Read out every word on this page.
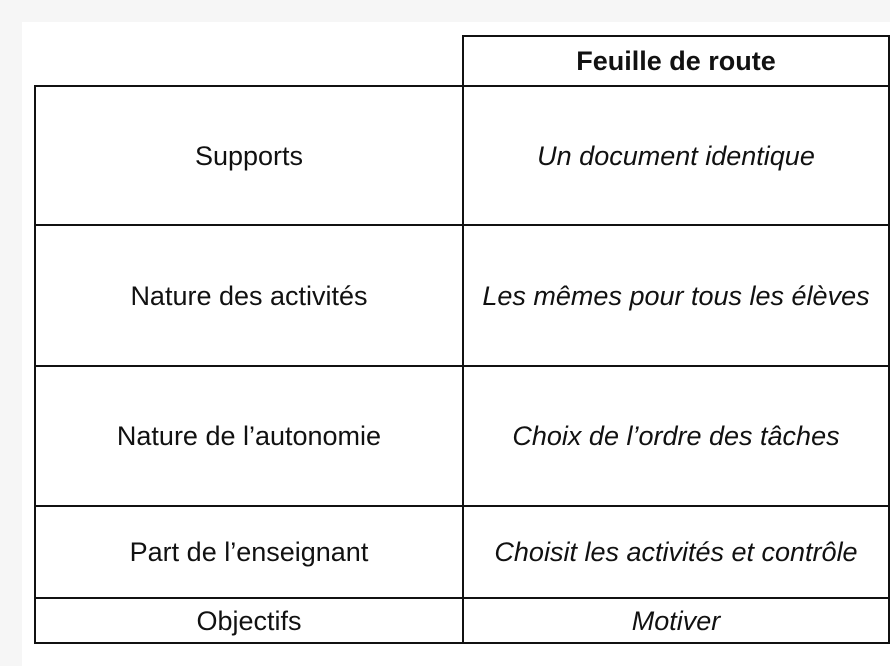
	Feuille de route
Supports	Un document identique
Nature des activités	Les mêmes pour tous les élèves
Nature de l’autonomie	Choix de l’ordre des tâches
Part de l’enseignant	Choisit les activités et contrôle
Objectifs	Motiver
